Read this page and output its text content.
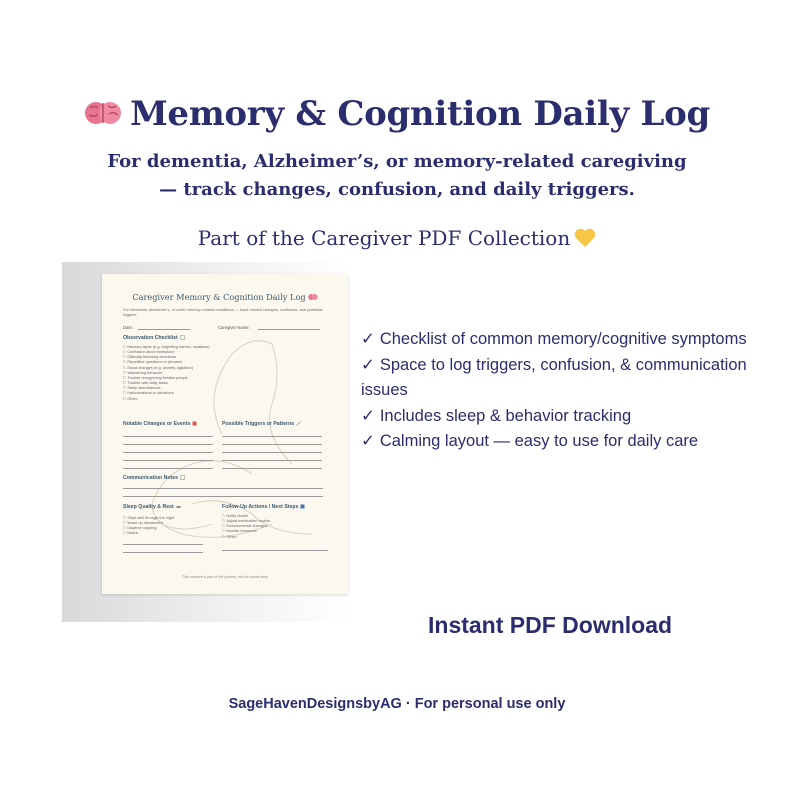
Memory & Cognition Daily Log
For dementia, Alzheimer’s, or memory-related caregiving
— track changes, confusion, and daily triggers.
Part of the Caregiver PDF Collection
Caregiver Memory & Cognition Daily Log
For dementia, Alzheimer’s, or other memory-related conditions — track mental changes, confusion, and potential triggers.
Date:	Caregiver Name:
Observation Checklist
□ Memory lapse (e.g. forgetting names, locations)
□ Confusion about time/place
□ Difficulty following directions
□ Repetitive questions or phrases
□ Mood changes (e.g. anxiety, agitation)
□ Wandering behavior
□ Trouble recognizing familiar people
□ Trouble with daily tasks
□ Sleep disturbances
□ Hallucinations or delusions
□ Other:
Notable Changes or Events	Possible Triggers or Patterns
Communication Notes
Sleep Quality & Rest
□ Slept well through the night
□ Woke up disoriented
□ Daytime napping
□ Notes:
Follow-Up Actions / Next Steps
□ Notify doctor
□ Adjust medication routine
□ Environmental changes
□ Monitor tomorrow
□ Other:
This moment is part of the journey, not the whole story
✓ Checklist of common memory/cognitive symptoms
✓ Space to log triggers, confusion, & communication issues
✓ Includes sleep & behavior tracking
✓ Calming layout — easy to use for daily care
Instant PDF Download
SageHavenDesignsbyAG · For personal use only
